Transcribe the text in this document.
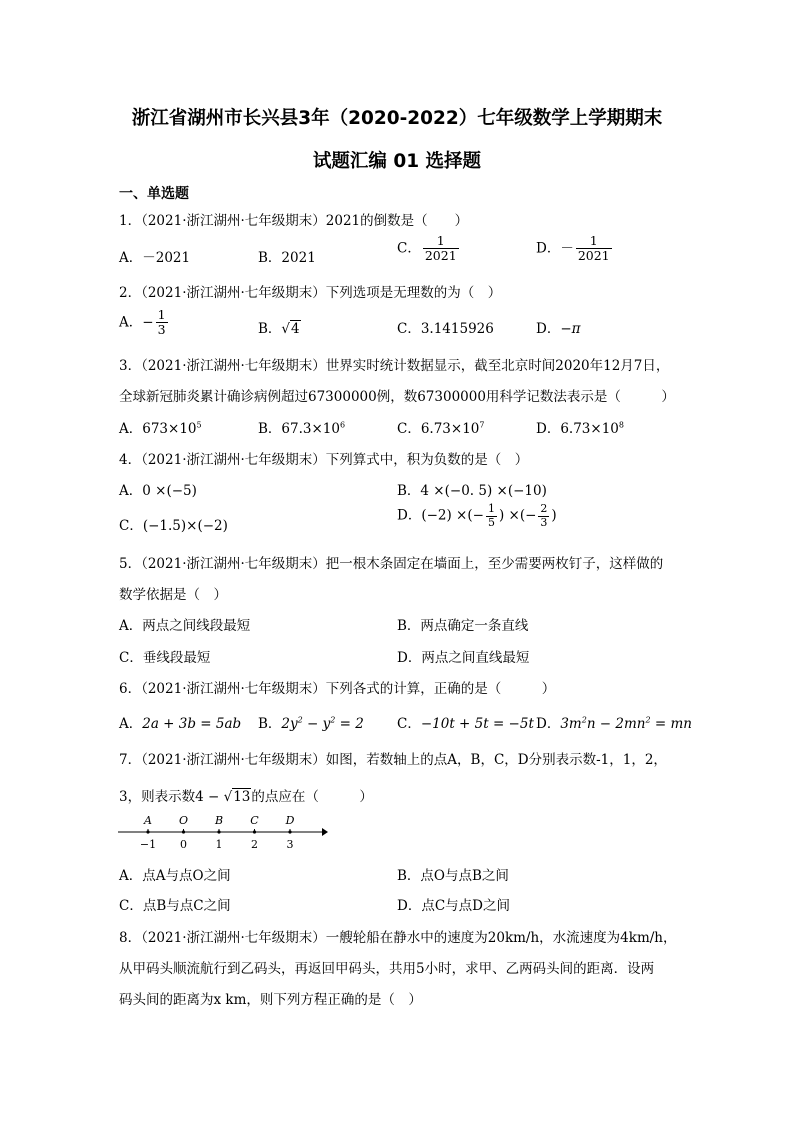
浙江省湖州市长兴县3年（2020-2022）七年级数学上学期期末
试题汇编 01 选择题
一、单选题
1．（2021·浙江湖州·七年级期末）2021的倒数是（　　）
A．－2021	B．2021
C． $\frac{1}{2021}$	D．－ $\frac{1}{2021}$
2．（2021·浙江湖州·七年级期末）下列选项是无理数的为（　）
A．− $\frac{1}{3}$	B．√4	C．3.1415926	D．−π
3．（2021·浙江湖州·七年级期末）世界实时统计数据显示，截至北京时间2020年12月7日，
全球新冠肺炎累计确诊病例超过67300000例，数67300000用科学记数法表示是（　　　）
A．$673\times 10^5$	B．$67.3\times 10^6$	C．$6.73\times 10^7$	D．$6.73\times 10^8$
4．（2021·浙江湖州·七年级期末）下列算式中，积为负数的是（　）
A．0 ×(−5)	B．4 ×(−0. 5) ×(−10)
C．(−1.5)×(−2)
D．(−2) ×(− $\frac{1}{5}$ ) ×(− $\frac{2}{3}$ )
5．（2021·浙江湖州·七年级期末）把一根木条固定在墙面上，至少需要两枚钉子，这样做的
数学依据是（　）
A．两点之间线段最短	B．两点确定一条直线
C．垂线段最短	D．两点之间直线最短
6．（2021·浙江湖州·七年级期末）下列各式的计算，正确的是（　　　）
A．2a + 3b = 5ab B．$2y^2 - y^2 = 2$ C．−10t + 5t = −5t D．$3m^2n - 2mn^2$ = mn
7．（2021·浙江湖州·七年级期末）如图，若数轴上的点A，B，C，D分别表示数-1，1，2，
3，则表示数4 − √13的点应在（　　　）
A
−1
O
0
B
1
C
2
D
3
A．点A与点O之间	B．点O与点B之间
C．点B与点C之间	D．点C与点D之间
8．（2021·浙江湖州·七年级期末）一艘轮船在静水中的速度为20km/h，水流速度为4km/h，
从甲码头顺流航行到乙码头，再返回甲码头，共用5小时，求甲、乙两码头间的距离．设两
码头间的距离为x km，则下列方程正确的是（　）
